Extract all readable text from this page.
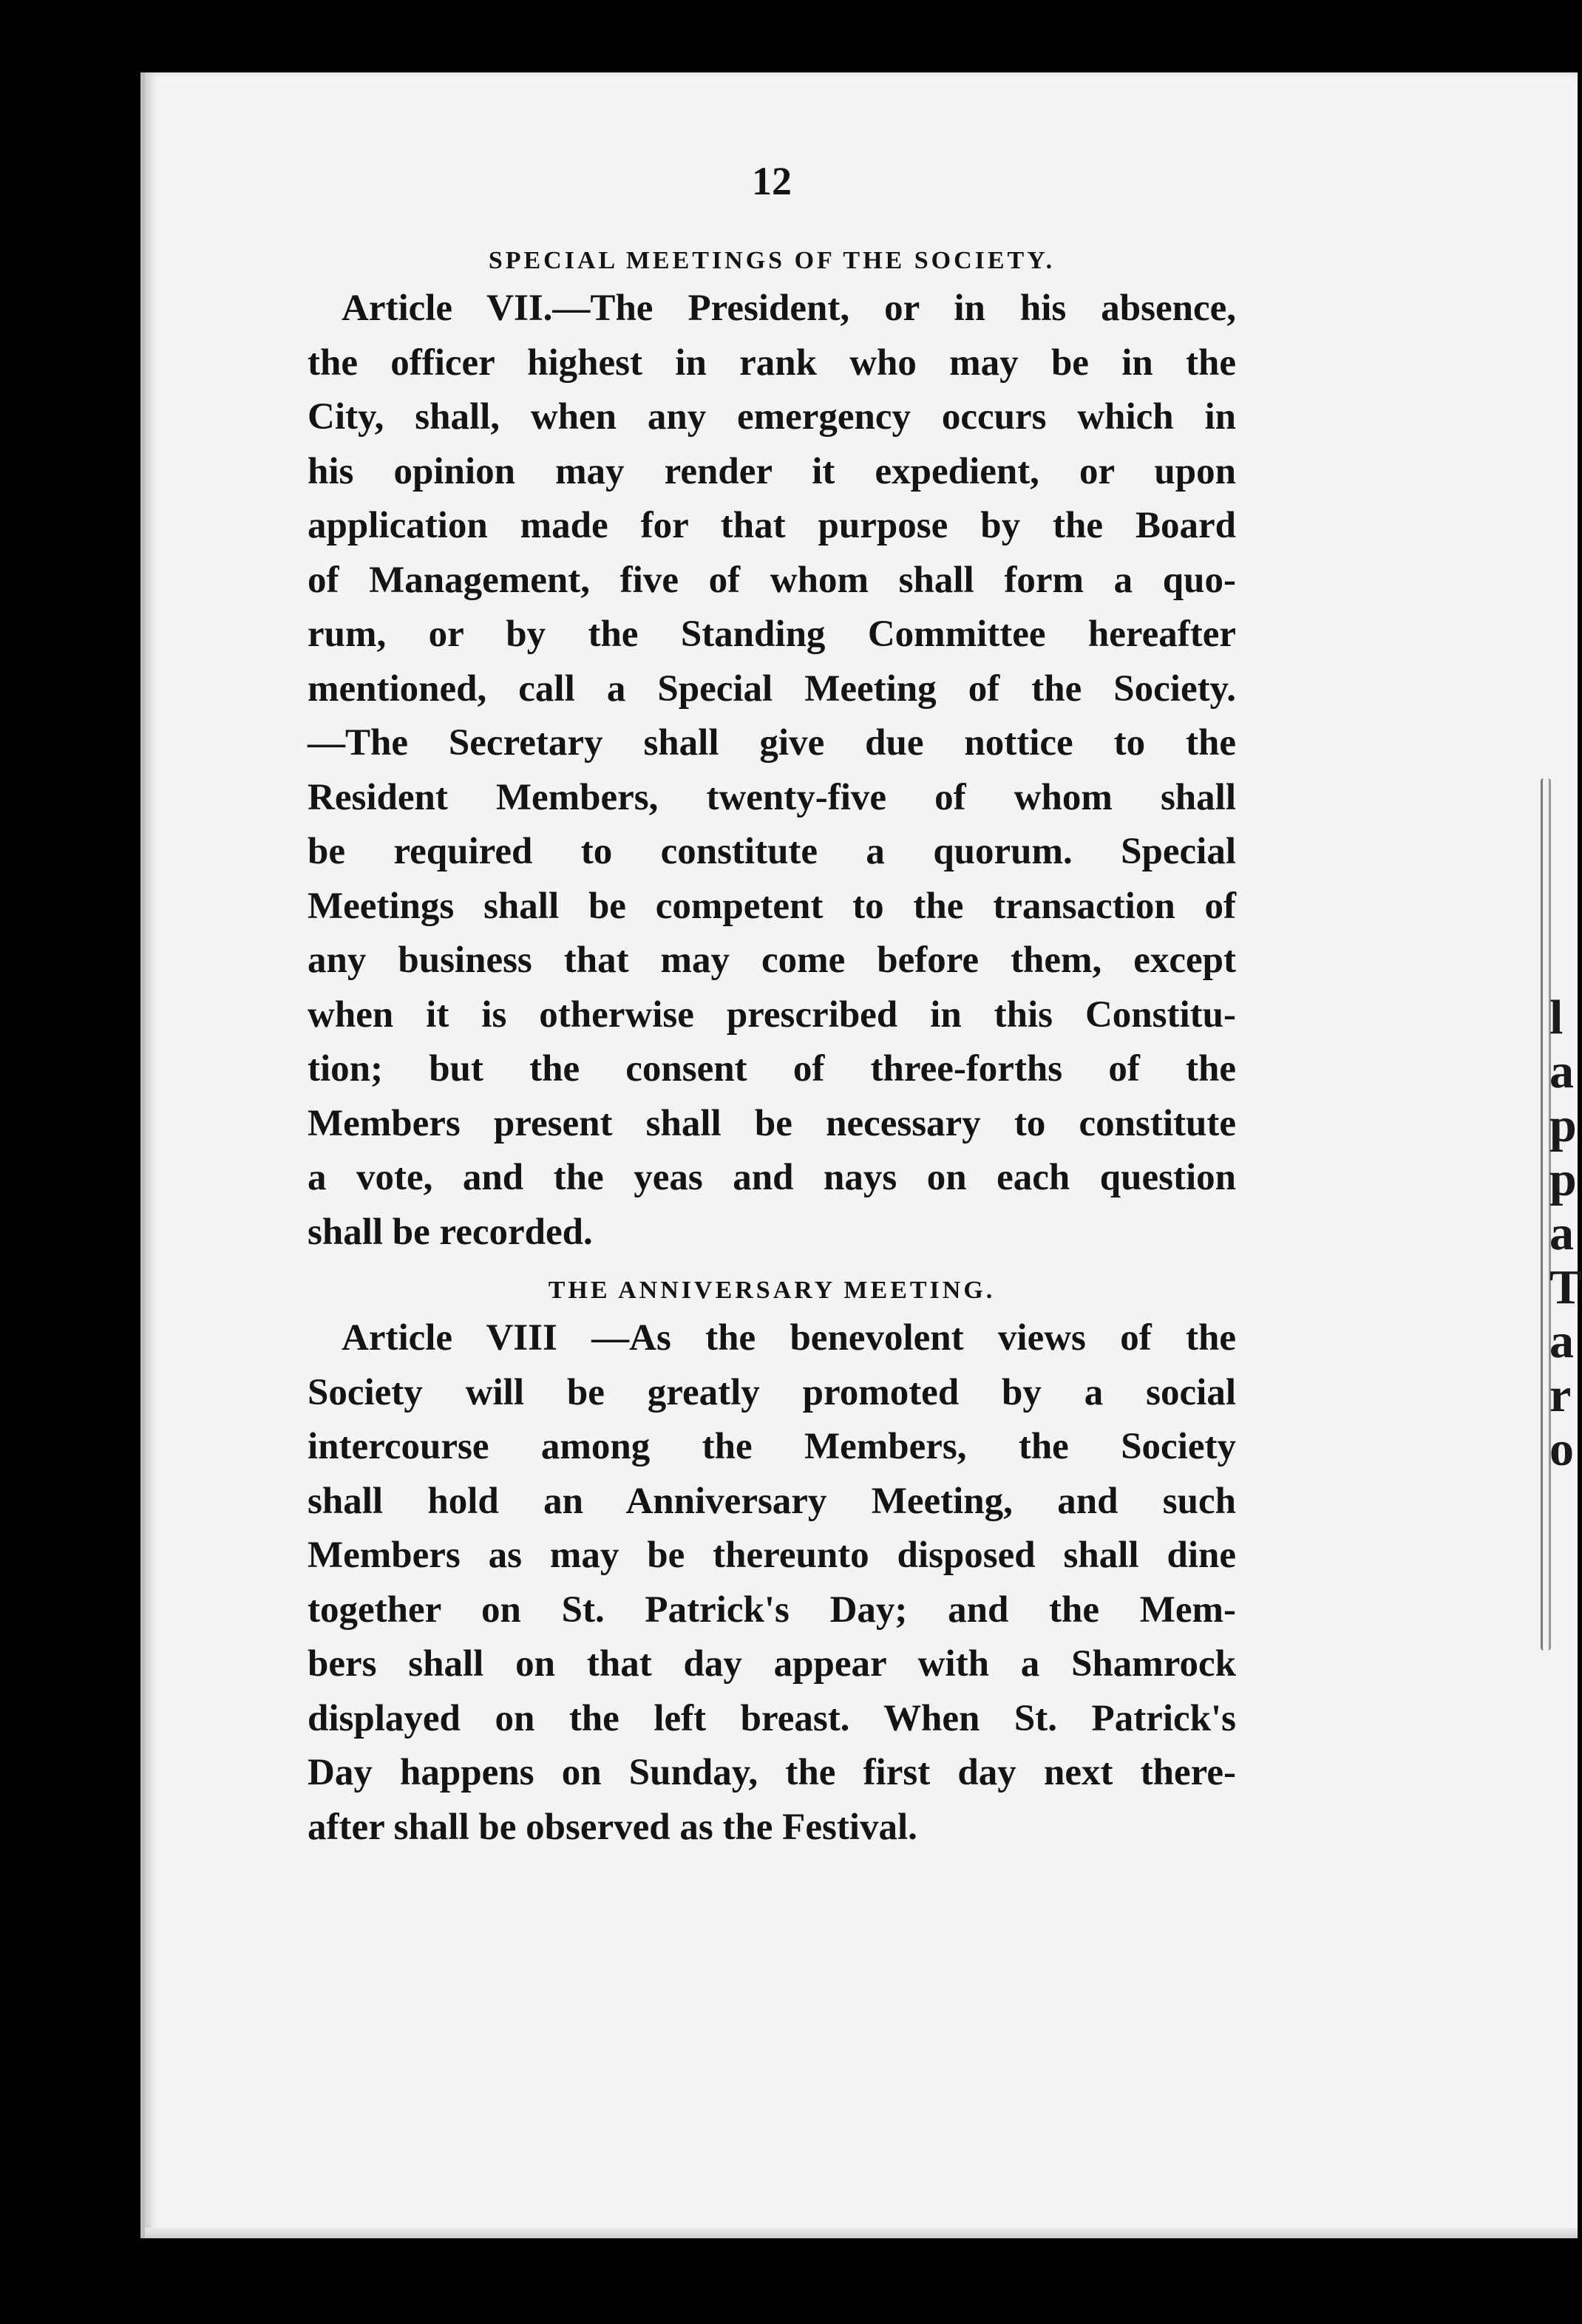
l
a
p
p
a
T
a
r
o
12
SPECIAL MEETINGS OF THE SOCIETY.
Article VII.—The President, or in his absence,
the officer highest in rank who may be in the
City, shall, when any emergency occurs which in
his opinion may render it expedient, or upon
application made for that purpose by the Board
of Management, five of whom shall form a quo-
rum, or by the Standing Committee hereafter
mentioned, call a Special Meeting of the Society.
—The Secretary shall give due nottice to the
Resident Members, twenty-five of whom shall
be required to constitute a quorum. Special
Meetings shall be competent to the transaction of
any business that may come before them, except
when it is otherwise prescribed in this Constitu-
tion; but the consent of three-forths of the
Members present shall be necessary to constitute
a vote, and the yeas and nays on each question
shall be recorded.
THE ANNIVERSARY MEETING.
Article VIII —As the benevolent views of the
Society will be greatly promoted by a social
intercourse among the Members, the Society
shall hold an Anniversary Meeting, and such
Members as may be thereunto disposed shall dine
together on St. Patrick's Day; and the Mem-
bers shall on that day appear with a Shamrock
displayed on the left breast. When St. Patrick's
Day happens on Sunday, the first day next there-
after shall be observed as the Festival.
